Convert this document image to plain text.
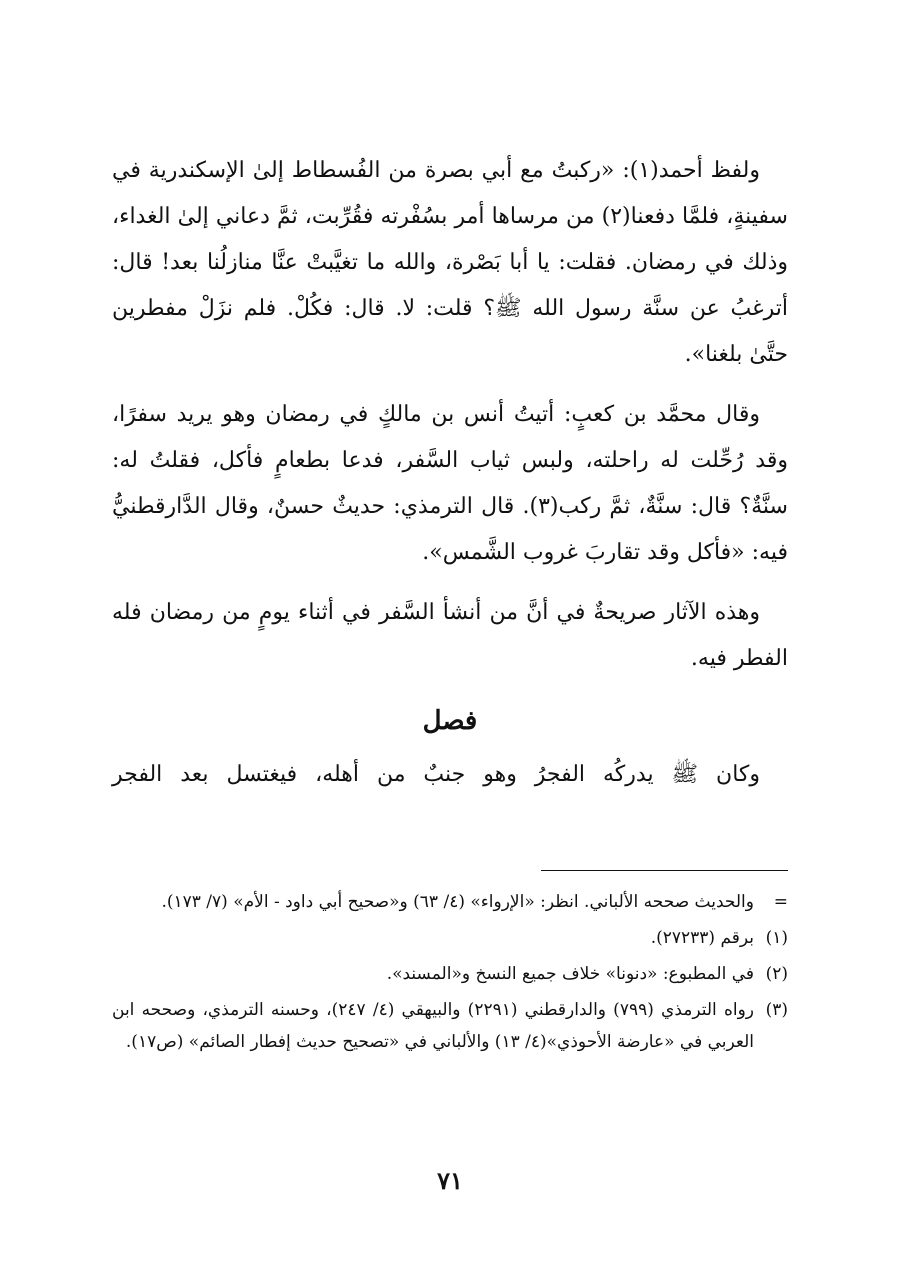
ولفظ أحمد(١): «ركبتُ مع أبي بصرة من الفُسطاط إلىٰ الإسكندرية في سفينةٍ، فلمَّا دفعنا(٢) من مرساها أمر بسُفْرته فقُرِّبت، ثمَّ دعاني إلىٰ الغداء، وذلك في رمضان. فقلت: يا أبا بَصْرة، والله ما تغيَّبتْ عنَّا منازلُنا بعد! قال: أترغبُ عن سنَّة رسول الله ﷺ؟ قلت: لا. قال: فكُلْ. فلم نزَلْ مفطرين حتَّىٰ بلغنا».

وقال محمَّد بن كعبٍ: أتيتُ أنس بن مالكٍ في رمضان وهو يريد سفرًا، وقد رُحِّلت له راحلته، ولبس ثياب السَّفر، فدعا بطعامٍ فأكل، فقلتُ له: سنَّةٌ؟ قال: سنَّةٌ، ثمَّ ركب(٣). قال الترمذي: حديثٌ حسنٌ، وقال الدَّارقطنيُّ فيه: «فأكل وقد تقاربَ غروب الشَّمس».

وهذه الآثار صريحةٌ في أنَّ من أنشأ السَّفر في أثناء يومٍ من رمضان فله الفطر فيه.

فصل

وكان ﷺ يدركُه الفجرُ وهو جنبٌ من أهله، فيغتسل بعد الفجر

=
والحديث صححه الألباني. انظر: «الإرواء» (٤/ ٦٣) و«صحيح أبي داود - الأم» (٧/ ١٧٣).
(١)
برقم (٢٧٢٣٣).
(٢)
في المطبوع: «دنونا» خلاف جميع النسخ و«المسند».
(٣)
رواه الترمذي (٧٩٩) والدارقطني (٢٢٩١) والبيهقي (٤/ ٢٤٧)، وحسنه الترمذي، وصححه ابن العربي في «عارضة الأحوذي»(٤/ ١٣) والألباني في «تصحيح حديث إفطار الصائم» (ص١٧).
٧١
